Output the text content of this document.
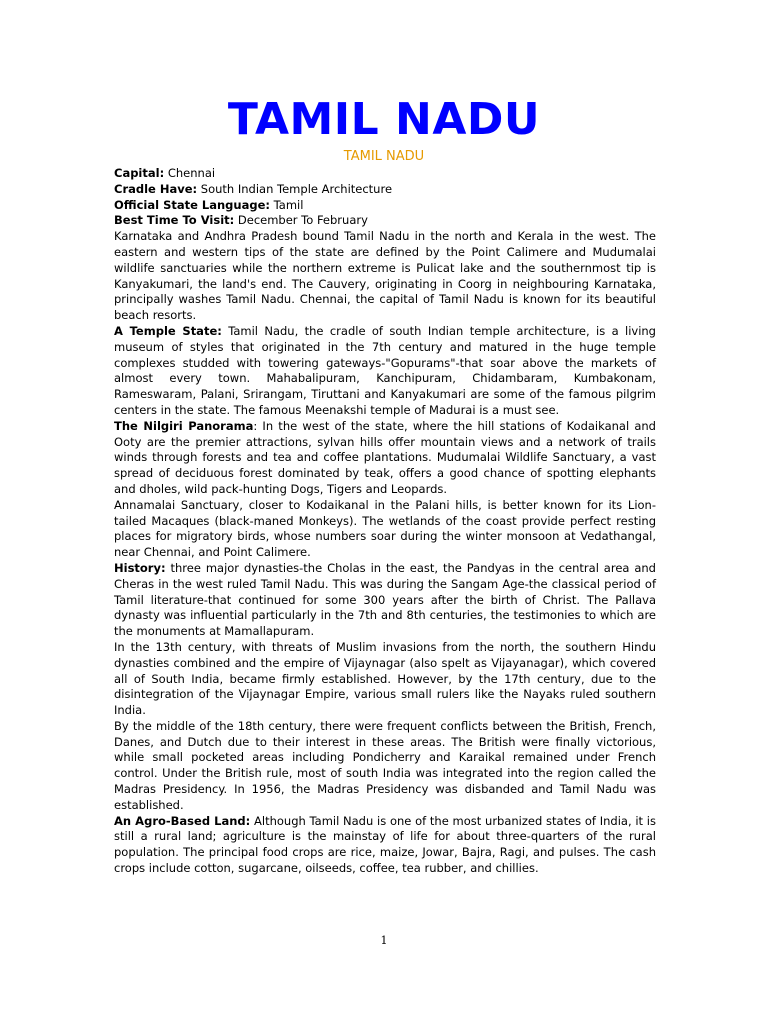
TAMIL NADU
TAMIL NADU

Capital: Chennai

Cradle Have: South Indian Temple Architecture

Official State Language: Tamil

Best Time To Visit: December To February

Karnataka and Andhra Pradesh bound Tamil Nadu in the north and Kerala in the west. The eastern and western tips of the state are defined by the Point Calimere and Mudumalai wildlife sanctuaries while the northern extreme is Pulicat lake and the southernmost tip is Kanyakumari, the land's end. The Cauvery, originating in Coorg in neighbouring Karnataka, principally washes Tamil Nadu. Chennai, the capital of Tamil Nadu is known for its beautiful beach resorts.

A Temple State: Tamil Nadu, the cradle of south Indian temple architecture, is a living museum of styles that originated in the 7th century and matured in the huge temple complexes studded with towering gateways-"Gopurams"-that soar above the markets of almost every town. Mahabalipuram, Kanchipuram, Chidambaram, Kumbakonam, Rameswaram, Palani, Srirangam, Tiruttani and Kanyakumari are some of the famous pilgrim centers in the state. The famous Meenakshi temple of Madurai is a must see.

The Nilgiri Panorama: In the west of the state, where the hill stations of Kodaikanal and Ooty are the premier attractions, sylvan hills offer mountain views and a network of trails winds through forests and tea and coffee plantations. Mudumalai Wildlife Sanctuary, a vast spread of deciduous forest dominated by teak, offers a good chance of spotting elephants and dholes, wild pack-hunting Dogs, Tigers and Leopards.

Annamalai Sanctuary, closer to Kodaikanal in the Palani hills, is better known for its Lion-tailed Macaques (black-maned Monkeys). The wetlands of the coast provide perfect resting places for migratory birds, whose numbers soar during the winter monsoon at Vedathangal, near Chennai, and Point Calimere.

History: three major dynasties-the Cholas in the east, the Pandyas in the central area and Cheras in the west ruled Tamil Nadu. This was during the Sangam Age-the classical period of Tamil literature-that continued for some 300 years after the birth of Christ. The Pallava dynasty was influential particularly in the 7th and 8th centuries, the testimonies to which are the monuments at Mamallapuram.

In the 13th century, with threats of Muslim invasions from the north, the southern Hindu dynasties combined and the empire of Vijaynagar (also spelt as Vijayanagar), which covered all of South India, became firmly established. However, by the 17th century, due to the disintegration of the Vijaynagar Empire, various small rulers like the Nayaks ruled southern India.

By the middle of the 18th century, there were frequent conflicts between the British, French, Danes, and Dutch due to their interest in these areas. The British were finally victorious, while small pocketed areas including Pondicherry and Karaikal remained under French control. Under the British rule, most of south India was integrated into the region called the Madras Presidency. In 1956, the Madras Presidency was disbanded and Tamil Nadu was established.

An Agro-Based Land: Although Tamil Nadu is one of the most urbanized states of India, it is still a rural land; agriculture is the mainstay of life for about three-quarters of the rural population. The principal food crops are rice, maize, Jowar, Bajra, Ragi, and pulses. The cash crops include cotton, sugarcane, oilseeds, coffee, tea rubber, and chillies.

1
